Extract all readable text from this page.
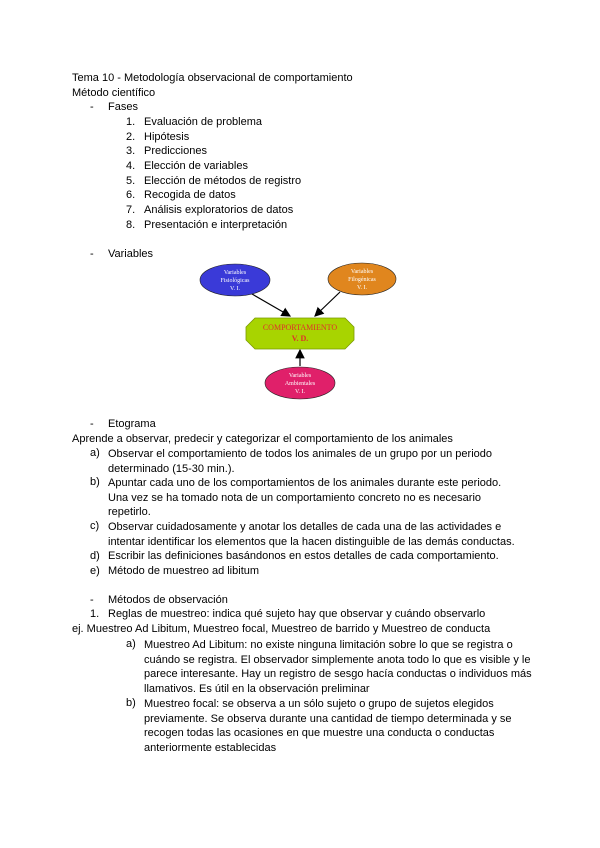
Tema 10 - Metodología observacional de comportamiento
Método científico
- Fases
1. Evaluación de problema
2. Hipótesis
3. Predicciones
4. Elección de variables
5. Elección de métodos de registro
6. Recogida de datos
7. Análisis exploratorios de datos
8. Presentación e interpretación
- Variables
Variables
Fisiológicas
V. I.
Variables
Filogénicas
V. I.
COMPORTAMIENTO
V. D.
Variables
Ambientales
V. I.
- Etograma
Aprende a observar, predecir y categorizar el comportamiento de los animales
a) Observar el comportamiento de todos los animales de un grupo por un periodo determinado (15-30 min.).
b) Apuntar cada uno de los comportamientos de los animales durante este periodo. Una vez se ha tomado nota de un comportamiento concreto no es necesario repetirlo.
c) Observar cuidadosamente y anotar los detalles de cada una de las actividades e intentar identificar los elementos que la hacen distinguible de las demás conductas.
d) Escribir las definiciones basándonos en estos detalles de cada comportamiento.
e) Método de muestreo ad libitum
- Métodos de observación
1. Reglas de muestreo: indica qué sujeto hay que observar y cuándo observarlo
ej. Muestreo Ad Libitum, Muestreo focal, Muestreo de barrido y Muestreo de conducta
a) Muestreo Ad Libitum: no existe ninguna limitación sobre lo que se registra o cuándo se registra. El observador simplemente anota todo lo que es visible y le parece interesante. Hay un registro de sesgo hacía conductas o individuos más llamativos. Es útil en la observación preliminar
b) Muestreo focal: se observa a un sólo sujeto o grupo de sujetos elegidos previamente. Se observa durante una cantidad de tiempo determinada y se recogen todas las ocasiones en que muestre una conducta o conductas anteriormente establecidas
